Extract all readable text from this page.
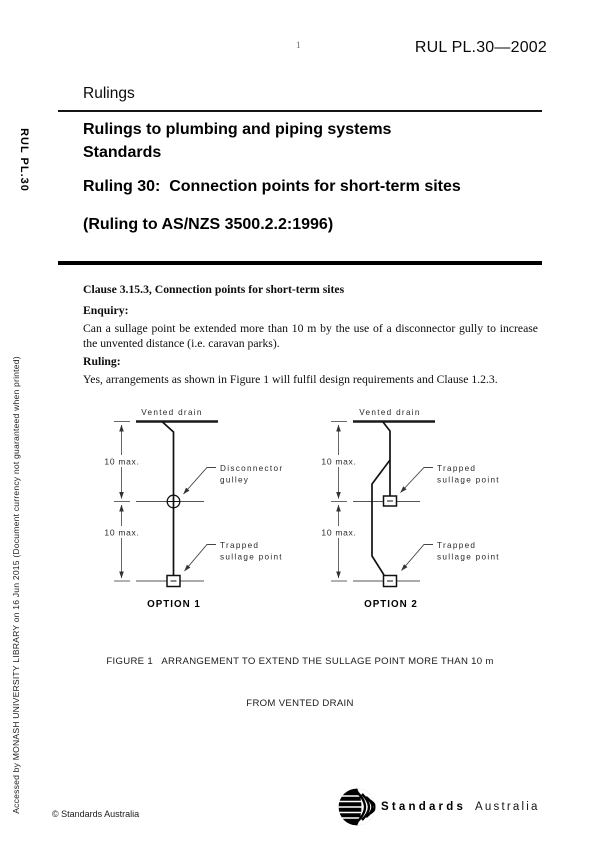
RUL PL.30
Accessed by MONASH UNIVERSITY LIBRARY on 16 Jun 2015 (Document currency not guaranteed when printed)
1	RUL PL.30—2002
Rulings
Rulings to plumbing and piping systems
Standards
Ruling 30:  Connection points for short-term sites
(Ruling to AS/NZS 3500.2.2:1996)
Clause 3.15.3, Connection points for short-term sites
Enquiry:
Can a sullage point be extended more than 10 m by the use of a disconnector gully to increase the unvented distance (i.e. caravan parks).
Ruling:
Yes, arrangements as shown in Figure 1 will fulfil design requirements and Clause 1.2.3.
Vented drain
10 max.
10 max.
Disconnector
gulley
Trapped
sullage point
OPTION 1
Vented drain
10 max.
10 max.
Trapped
sullage point
Trapped
sullage point
OPTION 2

FIGURE 1   ARRANGEMENT TO EXTEND THE SULLAGE POINT MORE THAN 10 m

FROM VENTED DRAIN

© Standards Australia
Standards Australia
